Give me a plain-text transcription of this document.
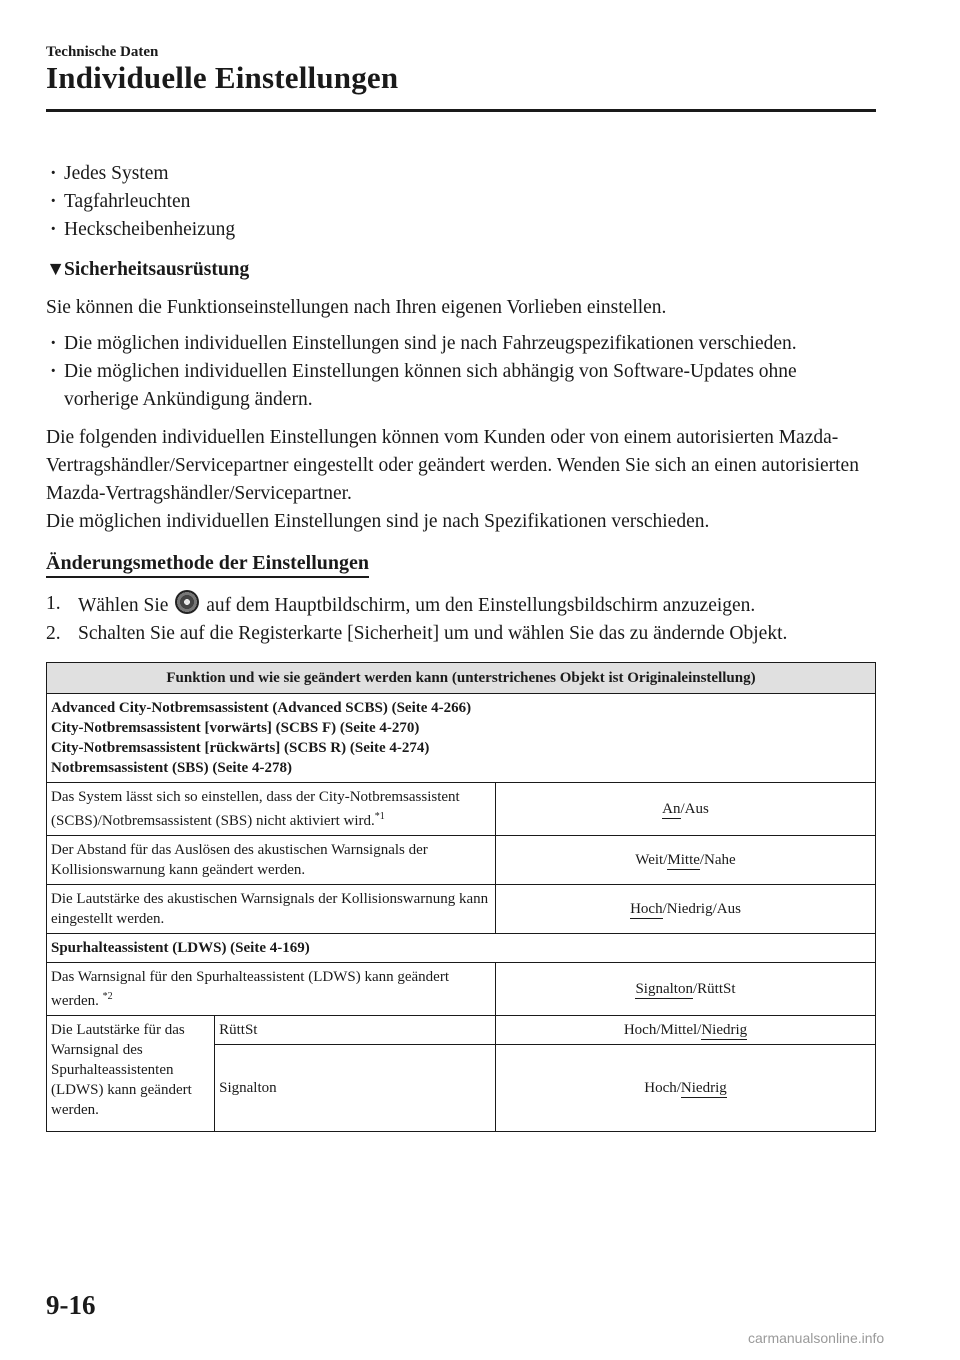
Technische Daten
Individuelle Einstellungen
· Jedes System
· Tagfahrleuchten
· Heckscheibenheizung
▼Sicherheitsausrüstung

Sie können die Funktionseinstellungen nach Ihren eigenen Vorlieben einstellen.

· Die möglichen individuellen Einstellungen sind je nach Fahrzeugspezifikationen verschieden.
· Die möglichen individuellen Einstellungen können sich abhängig von Software-Updates ohne vorherige Ankündigung ändern.

Die folgenden individuellen Einstellungen können vom Kunden oder von einem autorisierten Mazda-Vertragshändler/Servicepartner eingestellt oder geändert werden. Wenden Sie sich an einen autorisierten Mazda-Vertragshändler/Servicepartner.

Die möglichen individuellen Einstellungen sind je nach Spezifikationen verschieden.

Änderungsmethode der Einstellungen
1. Wählen Sie auf dem Hauptbildschirm, um den Einstellungsbildschirm anzuzeigen.
2. Schalten Sie auf die Registerkarte [Sicherheit] um und wählen Sie das zu ändernde Objekt.
Funktion und wie sie geändert werden kann (unterstrichenes Objekt ist Originaleinstellung)		

Advanced City-Notbremsassistent (Advanced SCBS) (Seite 4-266)
City-Notbremsassistent [vorwärts] (SCBS F) (Seite 4-270)
City-Notbremsassistent [rückwärts] (SCBS R) (Seite 4-274)
Notbremsassistent (SBS) (Seite 4-278)		

Das System lässt sich so einstellen, dass der City-Notbremsassistent (SCBS)/Notbremsassistent (SBS) nicht aktiviert wird.$^{*1}$		An/Aus
Der Abstand für das Auslösen des akustischen Warnsignals der Kollisionswarnung kann geändert werden.		Weit/Mitte/Nahe
Die Lautstärke des akustischen Warnsignals der Kollisionswarnung kann eingestellt werden.		Hoch/Niedrig/Aus
Spurhalteassistent (LDWS) (Seite 4-169)		
Das Warnsignal für den Spurhalteassistent (LDWS) kann geändert werden. $^{*2}$		Signalton/RüttSt
Die Lautstärke für das Warnsignal des Spurhalteassistenten (LDWS) kann geändert werden.	RüttSt	Hoch/Mittel/Niedrig
	Signalton	Hoch/Niedrig
9-16
carmanualsonline.info
